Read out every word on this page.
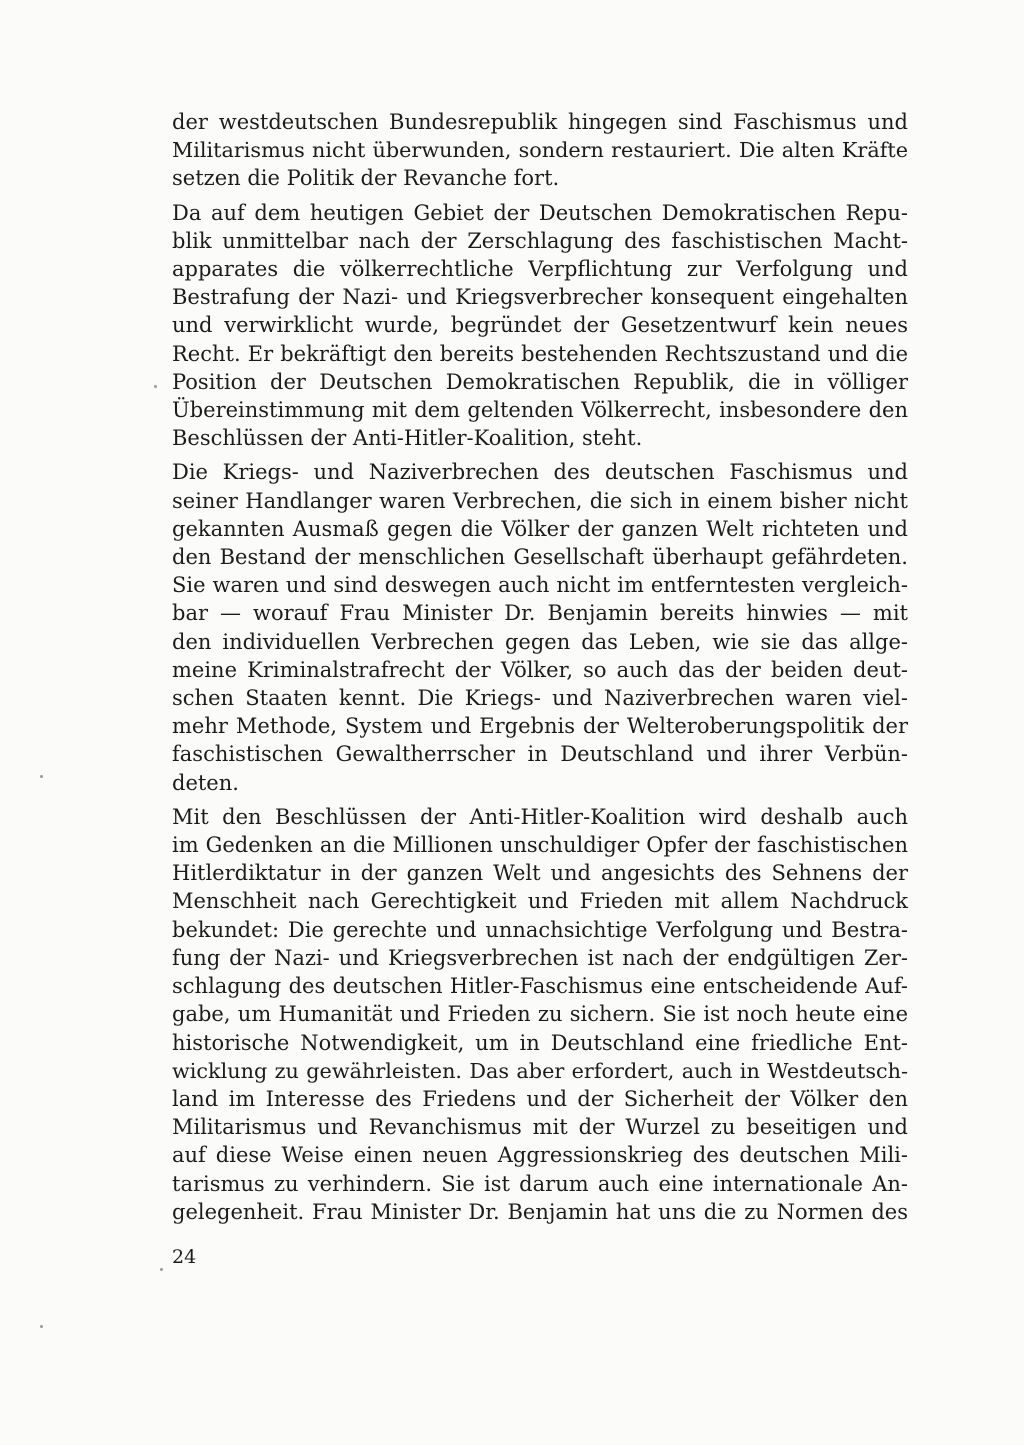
der westdeutschen Bundesrepublik hingegen sind Faschismus und
Militarismus nicht überwunden, sondern restauriert. Die alten Kräfte
setzen die Politik der Revanche fort.
Da auf dem heutigen Gebiet der Deutschen Demokratischen Repu-
blik unmittelbar nach der Zerschlagung des faschistischen Macht-
apparates die völkerrechtliche Verpflichtung zur Verfolgung und
Bestrafung der Nazi- und Kriegsverbrecher konsequent eingehalten
und verwirklicht wurde, begründet der Gesetzentwurf kein neues
Recht. Er bekräftigt den bereits bestehenden Rechtszustand und die
Position der Deutschen Demokratischen Republik, die in völliger
Übereinstimmung mit dem geltenden Völkerrecht, insbesondere den
Beschlüssen der Anti-Hitler-Koalition, steht.
Die Kriegs- und Naziverbrechen des deutschen Faschismus und
seiner Handlanger waren Verbrechen, die sich in einem bisher nicht
gekannten Ausmaß gegen die Völker der ganzen Welt richteten und
den Bestand der menschlichen Gesellschaft überhaupt gefährdeten.
Sie waren und sind deswegen auch nicht im entferntesten vergleich-
bar — worauf Frau Minister Dr. Benjamin bereits hinwies — mit
den individuellen Verbrechen gegen das Leben, wie sie das allge-
meine Kriminalstrafrecht der Völker, so auch das der beiden deut-
schen Staaten kennt. Die Kriegs- und Naziverbrechen waren viel-
mehr Methode, System und Ergebnis der Welteroberungspolitik der
faschistischen Gewaltherrscher in Deutschland und ihrer Verbün-
deten.
Mit den Beschlüssen der Anti-Hitler-Koalition wird deshalb auch
im Gedenken an die Millionen unschuldiger Opfer der faschistischen
Hitlerdiktatur in der ganzen Welt und angesichts des Sehnens der
Menschheit nach Gerechtigkeit und Frieden mit allem Nachdruck
bekundet: Die gerechte und unnachsichtige Verfolgung und Bestra-
fung der Nazi- und Kriegsverbrechen ist nach der endgültigen Zer-
schlagung des deutschen Hitler-Faschismus eine entscheidende Auf-
gabe, um Humanität und Frieden zu sichern. Sie ist noch heute eine
historische Notwendigkeit, um in Deutschland eine friedliche Ent-
wicklung zu gewährleisten. Das aber erfordert, auch in Westdeutsch-
land im Interesse des Friedens und der Sicherheit der Völker den
Militarismus und Revanchismus mit der Wurzel zu beseitigen und
auf diese Weise einen neuen Aggressionskrieg des deutschen Mili-
tarismus zu verhindern. Sie ist darum auch eine internationale An-
gelegenheit. Frau Minister Dr. Benjamin hat uns die zu Normen des
24
